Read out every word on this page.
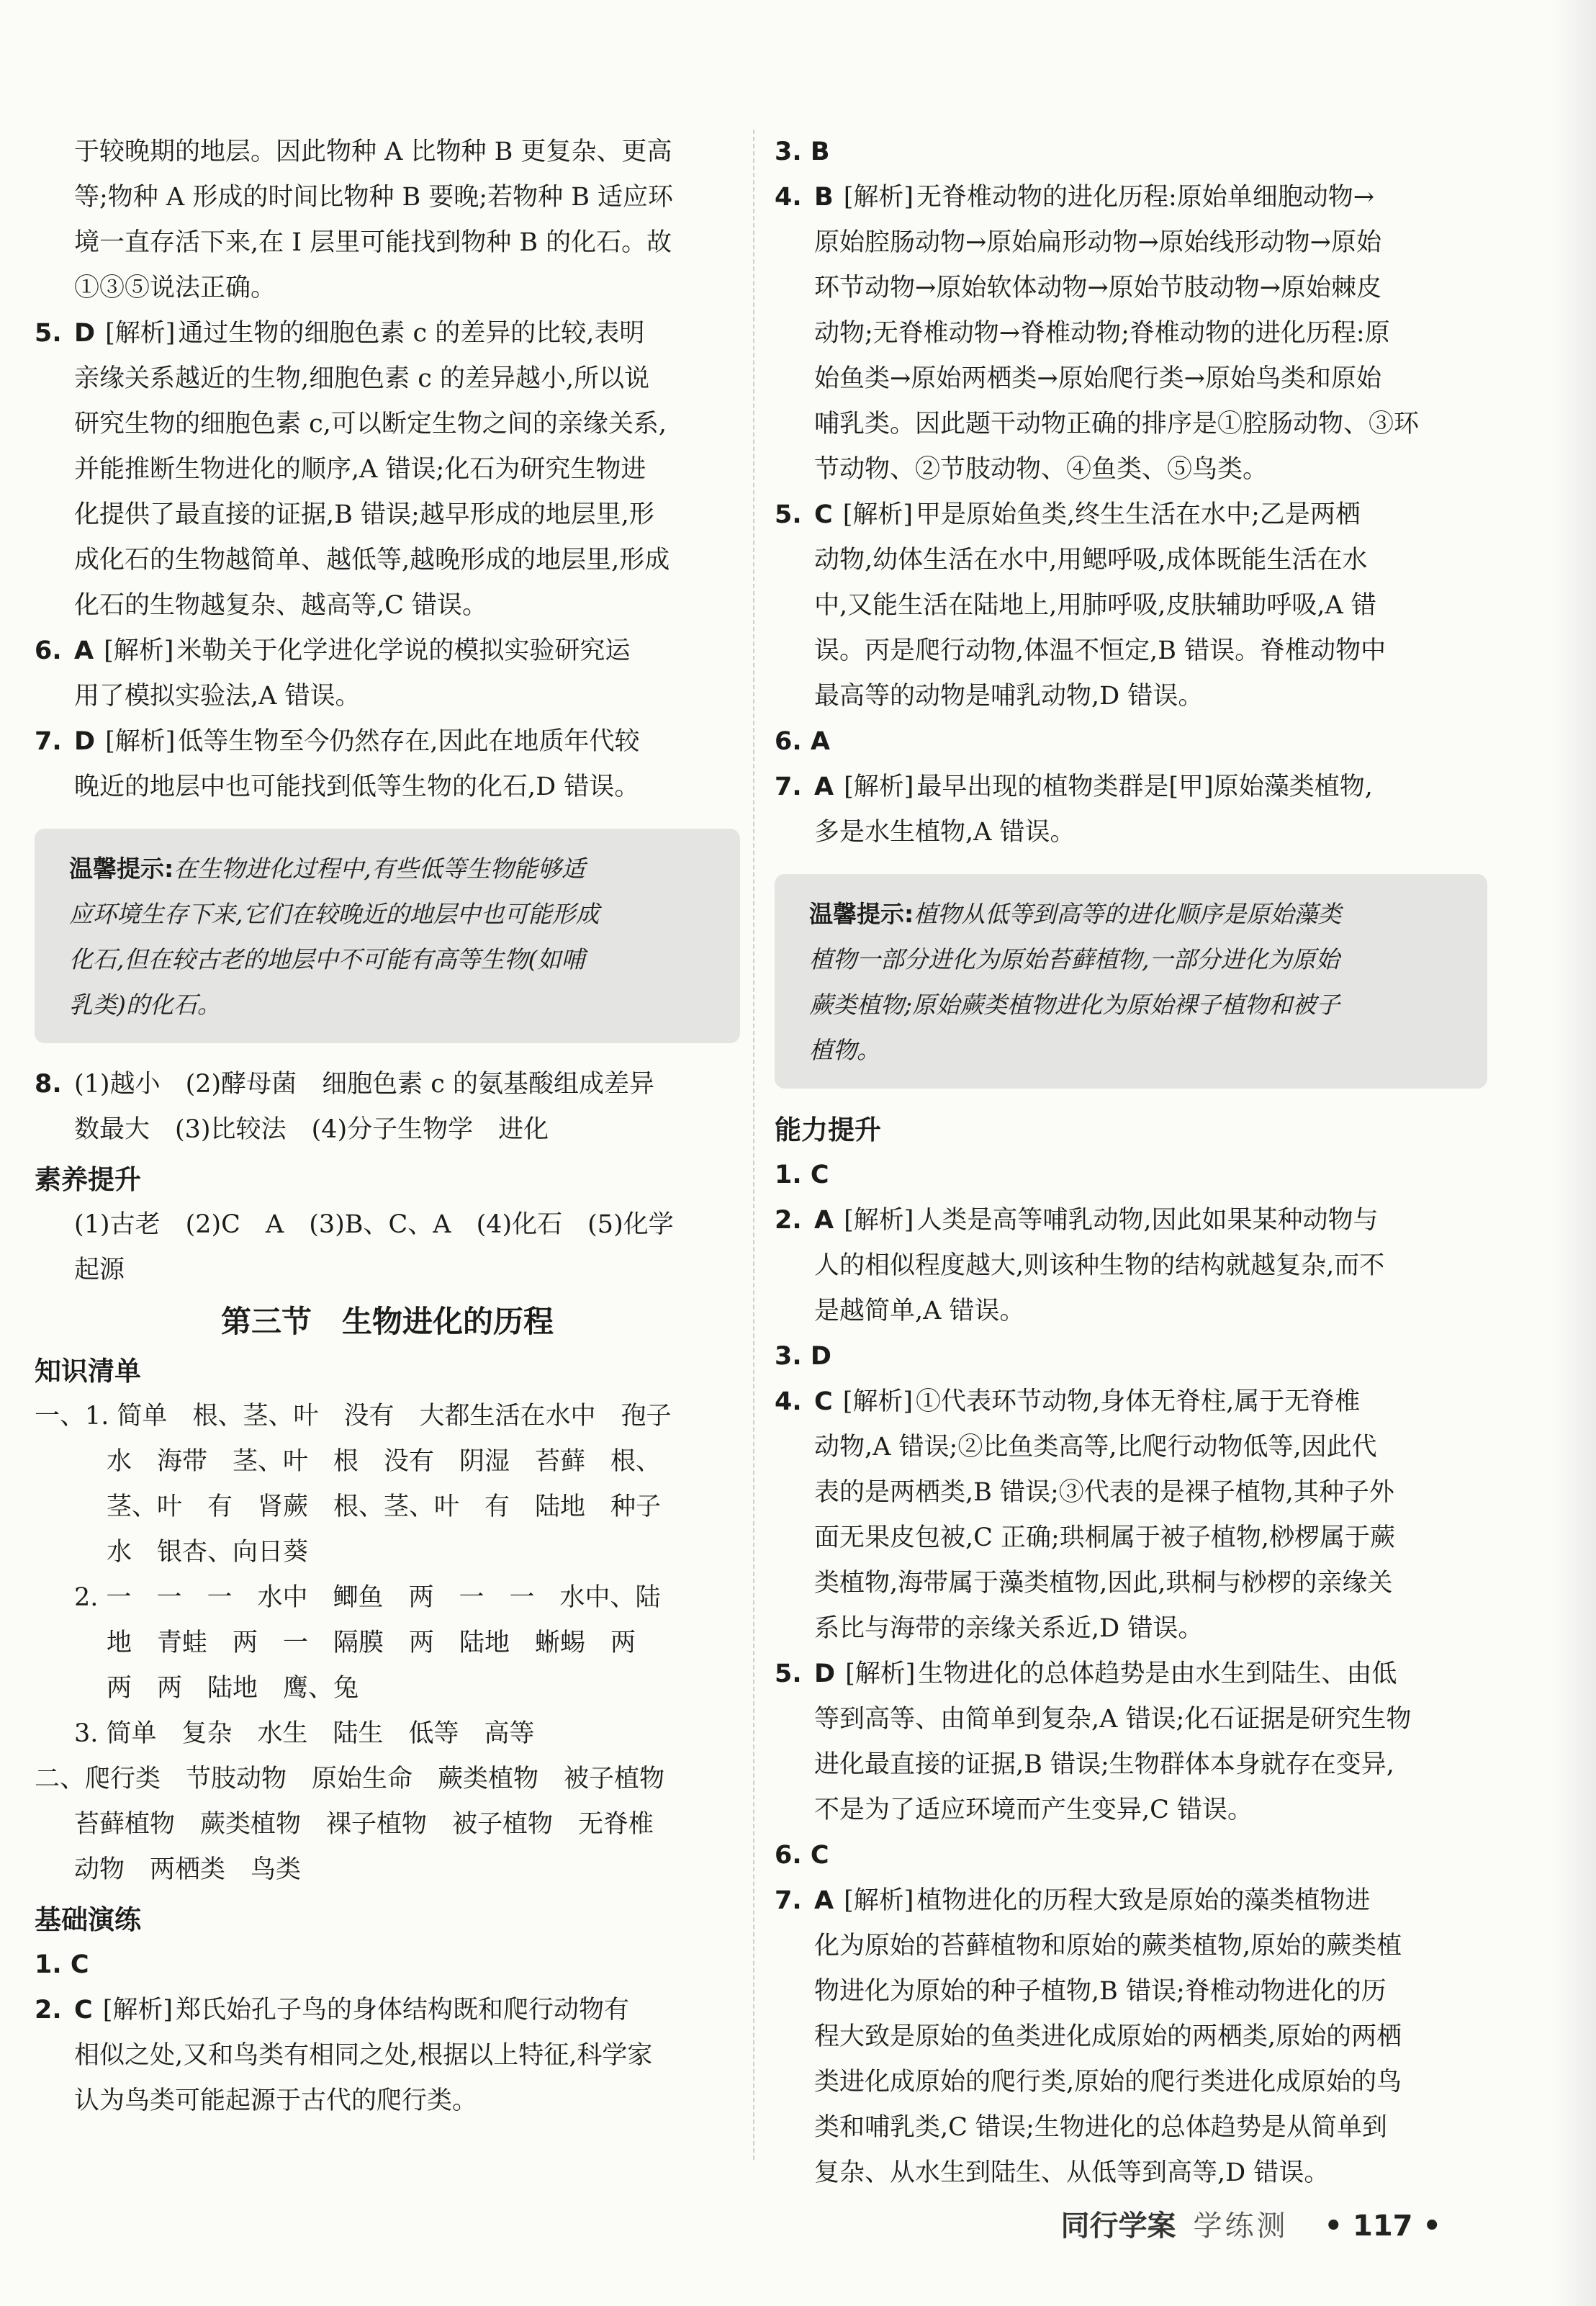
于较晚期的地层。因此物种 A 比物种 B 更复杂、更高
等;物种 A 形成的时间比物种 B 要晚;若物种 B 适应环
境一直存活下来,在 I 层里可能找到物种 B 的化石。故
①③⑤说法正确。
5. D [解析] 通过生物的细胞色素 c 的差异的比较,表明
亲缘关系越近的生物,细胞色素 c 的差异越小,所以说
研究生物的细胞色素 c,可以断定生物之间的亲缘关系,
并能推断生物进化的顺序,A 错误;化石为研究生物进
化提供了最直接的证据,B 错误;越早形成的地层里,形
成化石的生物越简单、越低等,越晚形成的地层里,形成
化石的生物越复杂、越高等,C 错误。
6. A [解析] 米勒关于化学进化学说的模拟实验研究运
用了模拟实验法,A 错误。
7. D [解析] 低等生物至今仍然存在,因此在地质年代较
晚近的地层中也可能找到低等生物的化石,D 错误。
温馨提示:在生物进化过程中,有些低等生物能够适
应环境生存下来,它们在较晚近的地层中也可能形成
化石,但在较古老的地层中不可能有高等生物(如哺
乳类)的化石。
8. (1)越小　(2)酵母菌　细胞色素 c 的氨基酸组成差异
数最大　(3)比较法　(4)分子生物学　进化
素养提升
(1)古老　(2)C　A　(3)B、C、A　(4)化石　(5)化学
起源
第三节　生物进化的历程
知识清单
一、1. 简单　根、茎、叶　没有　大都生活在水中　孢子
水　海带　茎、叶　根　没有　阴湿　苔藓　根、
茎、叶　有　肾蕨　根、茎、叶　有　陆地　种子
水　银杏、向日葵
2. 一　一　一　水中　鲫鱼　两　一　一　水中、陆
地　青蛙　两　一　隔膜　两　陆地　蜥蜴　两
两　两　陆地　鹰、兔
3. 简单　复杂　水生　陆生　低等　高等
二、爬行类　节肢动物　原始生命　蕨类植物　被子植物
苔藓植物　蕨类植物　裸子植物　被子植物　无脊椎
动物　两栖类　鸟类
基础演练
1. C
2. C [解析] 郑氏始孔子鸟的身体结构既和爬行动物有
相似之处,又和鸟类有相同之处,根据以上特征,科学家
认为鸟类可能起源于古代的爬行类。
3. B
4. B [解析] 无脊椎动物的进化历程:原始单细胞动物→
原始腔肠动物→原始扁形动物→原始线形动物→原始
环节动物→原始软体动物→原始节肢动物→原始棘皮
动物;无脊椎动物→脊椎动物;脊椎动物的进化历程:原
始鱼类→原始两栖类→原始爬行类→原始鸟类和原始
哺乳类。因此题干动物正确的排序是①腔肠动物、③环
节动物、②节肢动物、④鱼类、⑤鸟类。
5. C [解析] 甲是原始鱼类,终生生活在水中;乙是两栖
动物,幼体生活在水中,用鳃呼吸,成体既能生活在水
中,又能生活在陆地上,用肺呼吸,皮肤辅助呼吸,A 错
误。丙是爬行动物,体温不恒定,B 错误。脊椎动物中
最高等的动物是哺乳动物,D 错误。
6. A
7. A [解析] 最早出现的植物类群是[甲]原始藻类植物,
多是水生植物,A 错误。
温馨提示:植物从低等到高等的进化顺序是原始藻类
植物一部分进化为原始苔藓植物,一部分进化为原始
蕨类植物;原始蕨类植物进化为原始裸子植物和被子
植物。
能力提升
1. C
2. A [解析] 人类是高等哺乳动物,因此如果某种动物与
人的相似程度越大,则该种生物的结构就越复杂,而不
是越简单,A 错误。
3. D
4. C [解析] ①代表环节动物,身体无脊柱,属于无脊椎
动物,A 错误;②比鱼类高等,比爬行动物低等,因此代
表的是两栖类,B 错误;③代表的是裸子植物,其种子外
面无果皮包被,C 正确;珙桐属于被子植物,桫椤属于蕨
类植物,海带属于藻类植物,因此,珙桐与桫椤的亲缘关
系比与海带的亲缘关系近,D 错误。
5. D [解析] 生物进化的总体趋势是由水生到陆生、由低
等到高等、由简单到复杂,A 错误;化石证据是研究生物
进化最直接的证据,B 错误;生物群体本身就存在变异,
不是为了适应环境而产生变异,C 错误。
6. C
7. A [解析] 植物进化的历程大致是原始的藻类植物进
化为原始的苔藓植物和原始的蕨类植物,原始的蕨类植
物进化为原始的种子植物,B 错误;脊椎动物进化的历
程大致是原始的鱼类进化成原始的两栖类,原始的两栖
类进化成原始的爬行类,原始的爬行类进化成原始的鸟
类和哺乳类,C 错误;生物进化的总体趋势是从简单到
复杂、从水生到陆生、从低等到高等,D 错误。
同行学案 学练测 • 117 •
